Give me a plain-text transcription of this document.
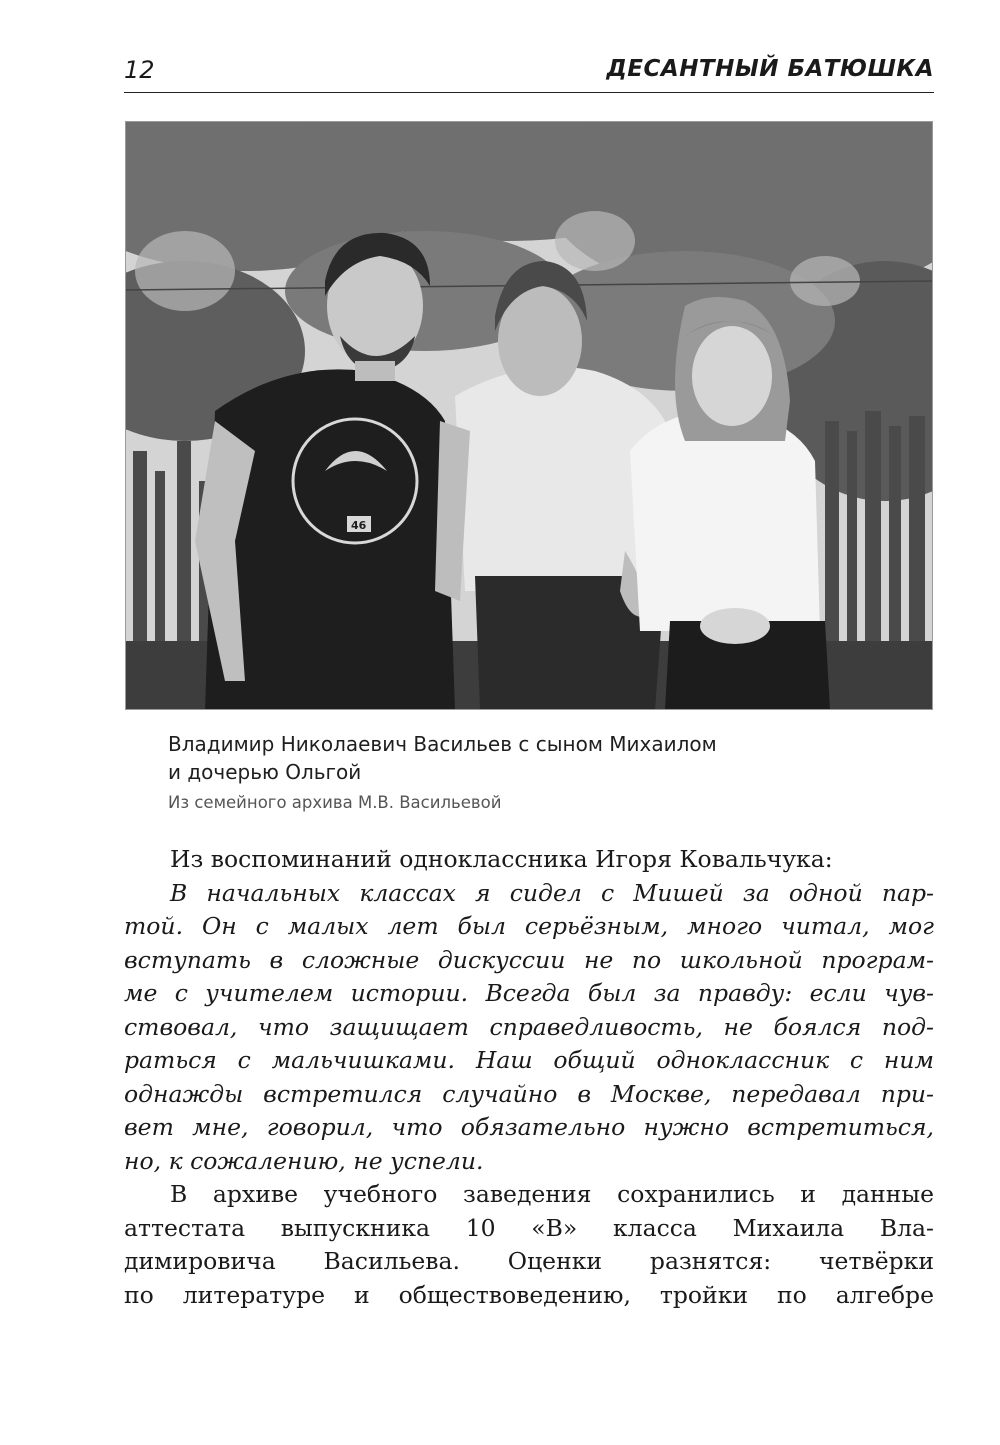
12	ДЕСАНТНЫЙ БАТЮШКА
46
Владимир Николаевич Васильев с сыном Михаилом
и дочерью Ольгой
Из семейного архива М.В. Васильевой
Из воспоминаний одноклассника Игоря Ковальчука:
В начальных классах я сидел с Мишей за одной пар-
той. Он с малых лет был серьёзным, много читал, мог
вступать в сложные дискуссии не по школьной програм-
ме с учителем истории. Всегда был за правду: если чув-
ствовал, что защищает справедливость, не боялся под-
раться с мальчишками. Наш общий одноклассник с ним
однажды встретился случайно в Москве, передавал при-
вет мне, говорил, что обязательно нужно встретиться,
но, к сожалению, не успели.
В архиве учебного заведения сохранились и данные
аттестата выпускника 10 «В» класса Михаила Вла-
димировича Васильева. Оценки разнятся: четвёрки
по литературе и обществоведению, тройки по алгебре
